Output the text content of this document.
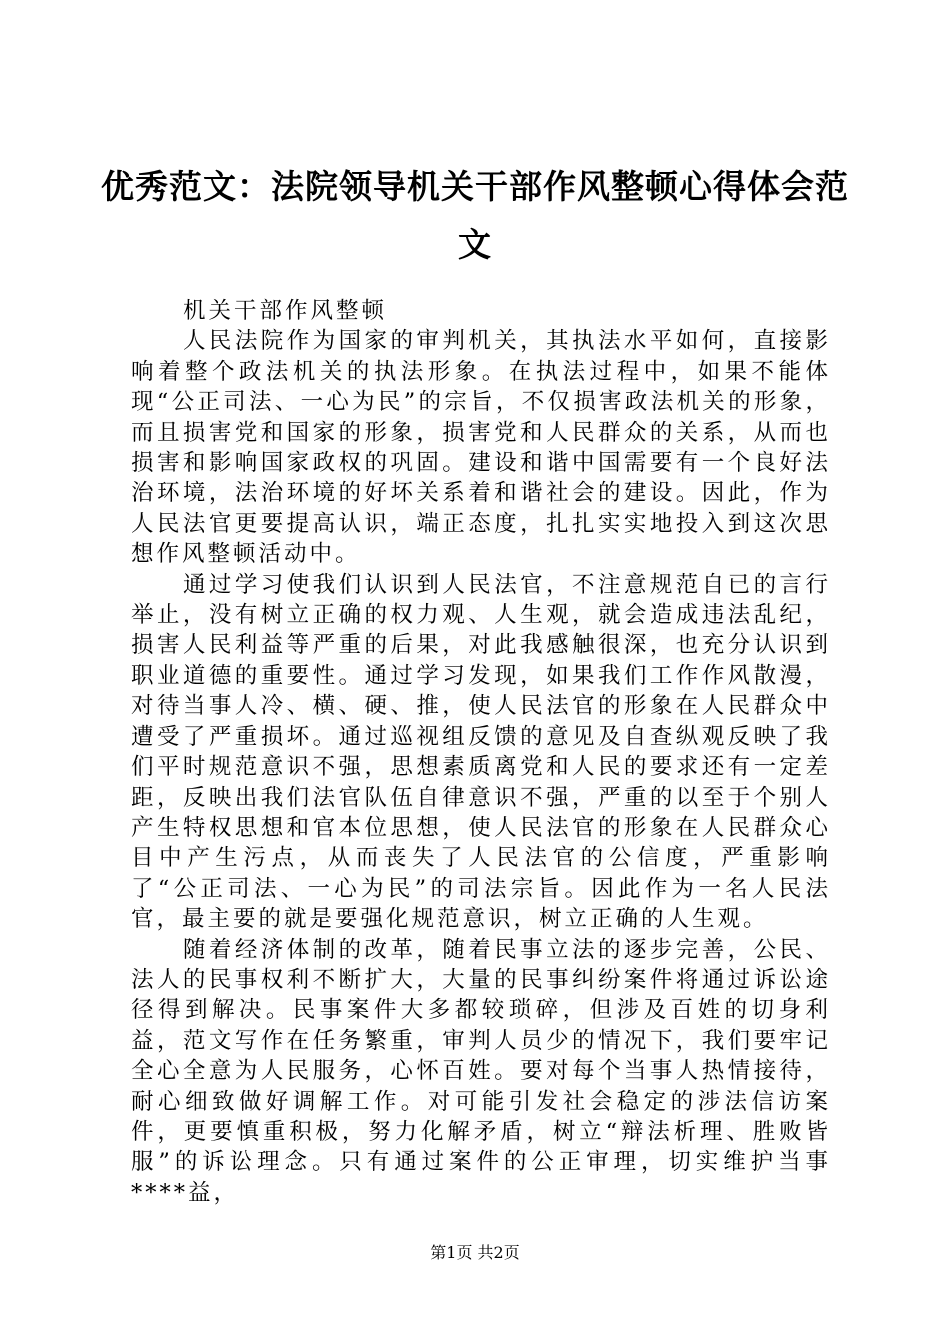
优秀范文：法院领导机关干部作风整顿心得体会范文

机关干部作风整顿

人民法院作为国家的审判机关，其执法水平如何，直接影响着整个政法机关的执法形象。在执法过程中，如果不能体现“公正司法、一心为民”的宗旨，不仅损害政法机关的形象，而且损害党和国家的形象，损害党和人民群众的关系，从而也损害和影响国家政权的巩固。建设和谐中国需要有一个良好法治环境，法治环境的好坏关系着和谐社会的建设。因此，作为人民法官更要提高认识，端正态度，扎扎实实地投入到这次思想作风整顿活动中。

通过学习使我们认识到人民法官，不注意规范自已的言行举止，没有树立正确的权力观、人生观，就会造成违法乱纪，损害人民利益等严重的后果，对此我感触很深，也充分认识到职业道德的重要性。通过学习发现，如果我们工作作风散漫，对待当事人冷、横、硬、推，使人民法官的形象在人民群众中遭受了严重损坏。通过巡视组反馈的意见及自查纵观反映了我们平时规范意识不强，思想素质离党和人民的要求还有一定差距，反映出我们法官队伍自律意识不强，严重的以至于个别人产生特权思想和官本位思想，使人民法官的形象在人民群众心目中产生污点，从而丧失了人民法官的公信度，严重影响了“公正司法、一心为民”的司法宗旨。因此作为一名人民法官，最主要的就是要强化规范意识，树立正确的人生观。

随着经济体制的改革，随着民事立法的逐步完善，公民、法人的民事权利不断扩大，大量的民事纠纷案件将通过诉讼途径得到解决。民事案件大多都较琐碎，但涉及百姓的切身利益，范文写作在任务繁重，审判人员少的情况下，我们要牢记全心全意为人民服务，心怀百姓。要对每个当事人热情接待，耐心细致做好调解工作。对可能引发社会稳定的涉法信访案件，更要慎重积极，努力化解矛盾，树立“辩法析理、胜败皆服”的诉讼理念。只有通过案件的公正审理，切实维护当事****益，

第1页 共2页
